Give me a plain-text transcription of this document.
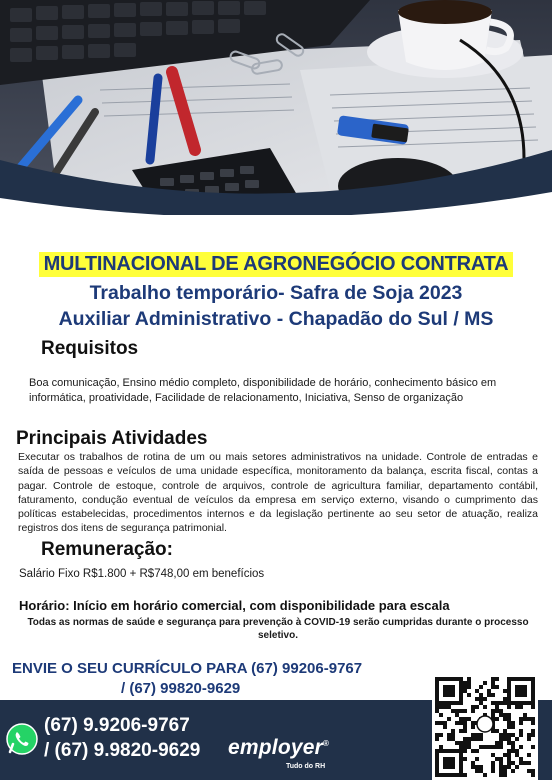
MULTINACIONAL DE AGRONEGÓCIO CONTRATA
Trabalho temporário- Safra de Soja 2023
Auxiliar Administrativo - Chapadão do Sul / MS
Requisitos
Boa comunicação, Ensino médio completo, disponibilidade de horário, conhecimento básico em informática, proatividade, Facilidade de relacionamento, Iniciativa, Senso de organização
Principais Atividades
Executar os trabalhos de rotina de um ou mais setores administrativos na unidade. Controle de entradas e saída de pessoas e veículos de uma unidade específica, monitoramento da balança, escrita fiscal, contas a pagar. Controle de estoque, controle de arquivos, controle de agricultura familiar, departamento contábil, faturamento, condução eventual de veículos da empresa em serviço externo, visando o cumprimento das políticas estabelecidas, procedimentos internos e da legislação pertinente ao seu setor de atuação, realiza registros dos itens de segurança patrimonial.
Remuneração:
Salário Fixo R$1.800 + R$748,00 em benefícios
Horário: Início em horário comercial, com disponibilidade para escala
Todas as normas de saúde e segurança para prevenção à COVID-19 serão cumpridas durante o processo seletivo.
ENVIE O SEU CURRÍCULO PARA (67) 99206-9767
/ (67) 99820-9629
(67) 9.9206-9767
/ (67) 9.9820-9629 employer®
Tudo do RH
